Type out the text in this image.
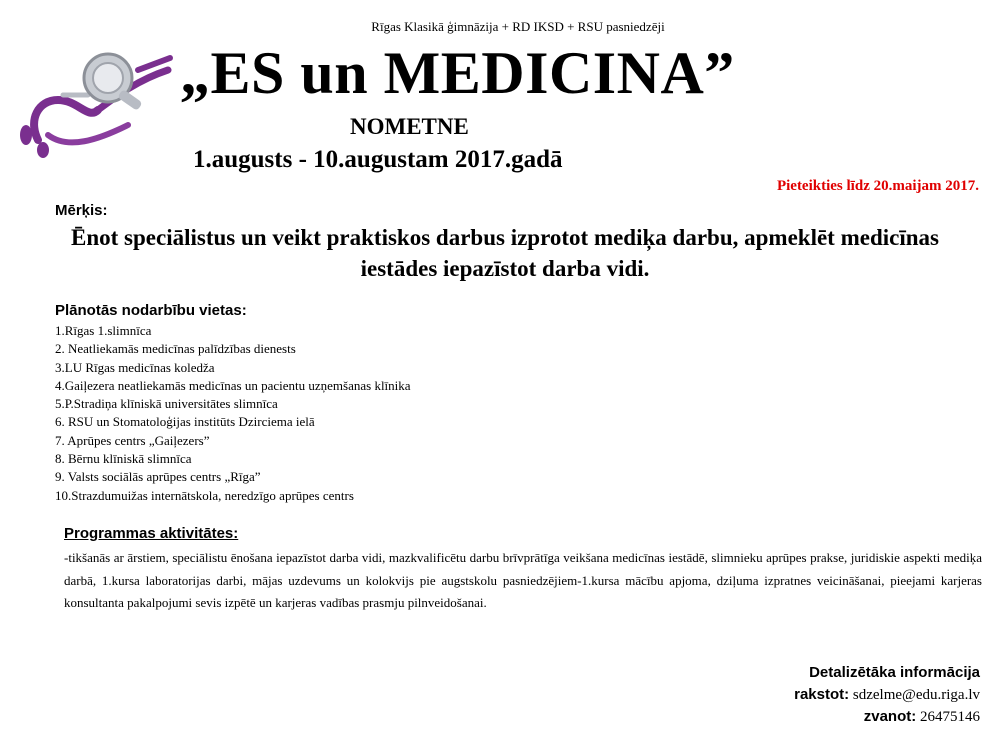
Rīgas Klasikā ģimnāzija + RD IKSD + RSU pasniedzēji
„ES un MEDICINA”
NOMETNE
1.augusts - 10.augustam 2017.gadā
Pieteikties līdz 20.maijam 2017.
Mērķis:
Ēnot speciālistus un veikt praktiskos darbus izprotot mediķa darbu, apmeklēt medicīnas iestādes iepazīstot darba vidi.
Plānotās nodarbību vietas:
1.Rīgas 1.slimnīca
2. Neatliekamās medicīnas palīdzības dienests
3.LU Rīgas medicīnas koledža
4.Gaiļezera neatliekamās medicīnas un pacientu uzņemšanas klīnika
5.P.Stradiņa klīniskā universitātes slimnīca
6. RSU un Stomatoloģijas institūts Dzirciema ielā
7. Aprūpes centrs „Gaiļezers”
8. Bērnu klīniskā slimnīca
9. Valsts sociālās aprūpes centrs „Rīga”
10.Strazdumuižas internātskola, neredzīgo aprūpes centrs
Programmas aktivitātes:
-tikšanās ar ārstiem, speciālistu ēnošana iepazīstot darba vidi, mazkvalificētu darbu brīvprātīga veikšana medicīnas iestādē, slimnieku aprūpes prakse, juridiskie aspekti mediķa darbā, 1.kursa laboratorijas darbi, mājas uzdevums un kolokvijs pie augstskolu pasniedzējiem-1.kursa mācību apjoma, dziļuma izpratnes veicināšanai, pieejami karjeras konsultanta pakalpojumi sevis izpētē un karjeras vadības prasmju pilnveidošanai.
Detalizētāka informācija
rakstot: sdzelme@edu.riga.lv
zvanot: 26475146
